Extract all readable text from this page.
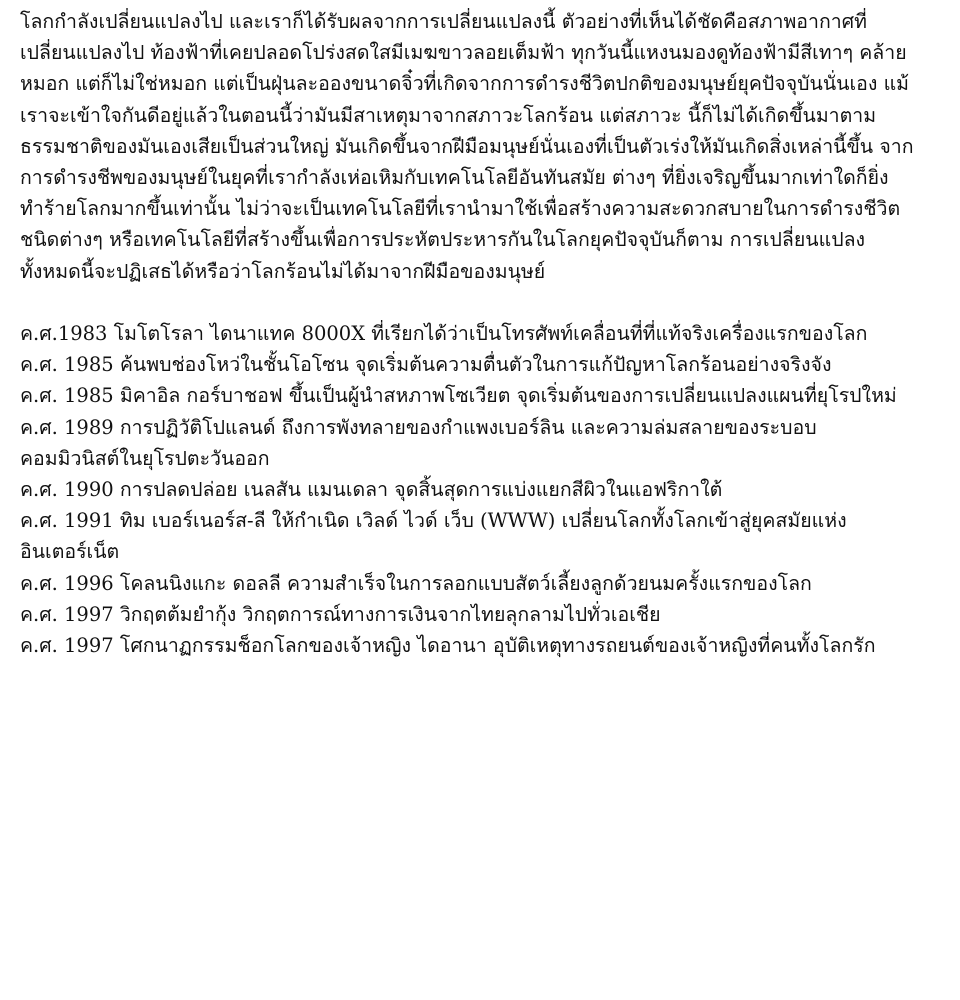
โลกกำลังเปลี่ยนแปลงไป และเราก็ได้รับผลจากการเปลี่ยนแปลงนี้ ตัวอย่างที่เห็นได้ชัดคือสภาพอากาศที่เปลี่ยนแปลงไป ท้องฟ้าที่เคยปลอดโปร่งสดใสมีเมฆขาวลอยเต็มฟ้า ทุกวันนี้แหงนมองดูท้องฟ้ามีสีเทาๆ คล้ายหมอก แต่ก็ไม่ใช่หมอก แต่เป็นฝุ่นละอองขนาดจิ๋วที่เกิดจากการดำรงชีวิตปกติของมนุษย์ยุคปัจจุบันนั่นเอง แม้เราจะเข้าใจกันดีอยู่แล้วในตอนนี้ว่ามันมีสาเหตุมาจากสภาวะโลกร้อน แต่สภาวะ นี้ก็ไม่ได้เกิดขึ้นมาตามธรรมชาติของมันเองเสียเป็นส่วนใหญ่ มันเกิดขึ้นจากฝีมือมนุษย์นั่นเองที่เป็นตัวเร่งให้มันเกิดสิ่งเหล่านี้ขึ้น จากการดำรงชีพของมนุษย์ในยุคที่เรากำลังเห่อเหิมกับเทคโนโลยีอันทันสมัย ต่างๆ ที่ยิ่งเจริญขึ้นมากเท่าใดก็ยิ่งทำร้ายโลกมากขึ้นเท่านั้น ไม่ว่าจะเป็นเทคโนโลยีที่เรานำมาใช้เพื่อสร้างความสะดวกสบายในการดำรงชีวิตชนิดต่างๆ หรือเทคโนโลยีที่สร้างขึ้นเพื่อการประหัตประหารกันในโลกยุคปัจจุบันก็ตาม การเปลี่ยนแปลงทั้งหมดนี้จะปฏิเสธได้หรือว่าโลกร้อนไม่ได้มาจากฝีมือของมนุษย์

ค.ศ.1983 โมโตโรลา ไดนาแทค 8000X ที่เรียกได้ว่าเป็นโทรศัพท์เคลื่อนที่ที่แท้จริงเครื่องแรกของโลก
ค.ศ. 1985 ค้นพบช่องโหว่ในชั้นโอโซน จุดเริ่มต้นความตื่นตัวในการแก้ปัญหาโลกร้อนอย่างจริงจัง
ค.ศ. 1985 มิคาอิล กอร์บาชอฟ ขึ้นเป็นผู้นำสหภาพโซเวียต จุดเริ่มต้นของการเปลี่ยนแปลงแผนที่ยุโรปใหม่
ค.ศ. 1989 การปฏิวัติโปแลนด์ ถึงการพังทลายของกำแพงเบอร์ลิน และความล่มสลายของระบอบคอมมิวนิสต์ในยุโรปตะวันออก
ค.ศ. 1990 การปลดปล่อย เนลสัน แมนเดลา จุดสิ้นสุดการแบ่งแยกสีผิวในแอฟริกาใต้
ค.ศ. 1991 ทิม เบอร์เนอร์ส-ลี ให้กำเนิด เวิลด์ ไวด์ เว็บ (WWW) เปลี่ยนโลกทั้งโลกเข้าสู่ยุคสมัยแห่งอินเตอร์เน็ต
ค.ศ. 1996 โคลนนิงแกะ ดอลลี ความสำเร็จในการลอกแบบสัตว์เลี้ยงลูกด้วยนมครั้งแรกของโลก
ค.ศ. 1997 วิกฤตต้มยำกุ้ง วิกฤตการณ์ทางการเงินจากไทยลุกลามไปทั่วเอเชีย
ค.ศ. 1997 โศกนาฏกรรมช็อกโลกของเจ้าหญิง ไดอานา อุบัติเหตุทางรถยนต์ของเจ้าหญิงที่คนทั้งโลกรัก
